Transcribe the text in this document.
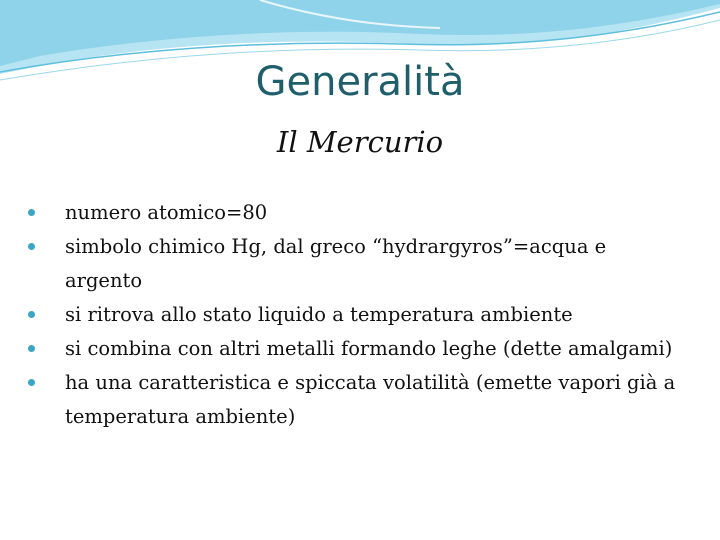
Generalità
Il Mercurio
numero atomico=80
simbolo chimico Hg, dal greco “hydrargyros”=acqua e argento
si ritrova allo stato liquido a temperatura ambiente
si combina con altri metalli formando leghe (dette amalgami)
ha una caratteristica e spiccata volatilità (emette vapori già a temperatura ambiente)
